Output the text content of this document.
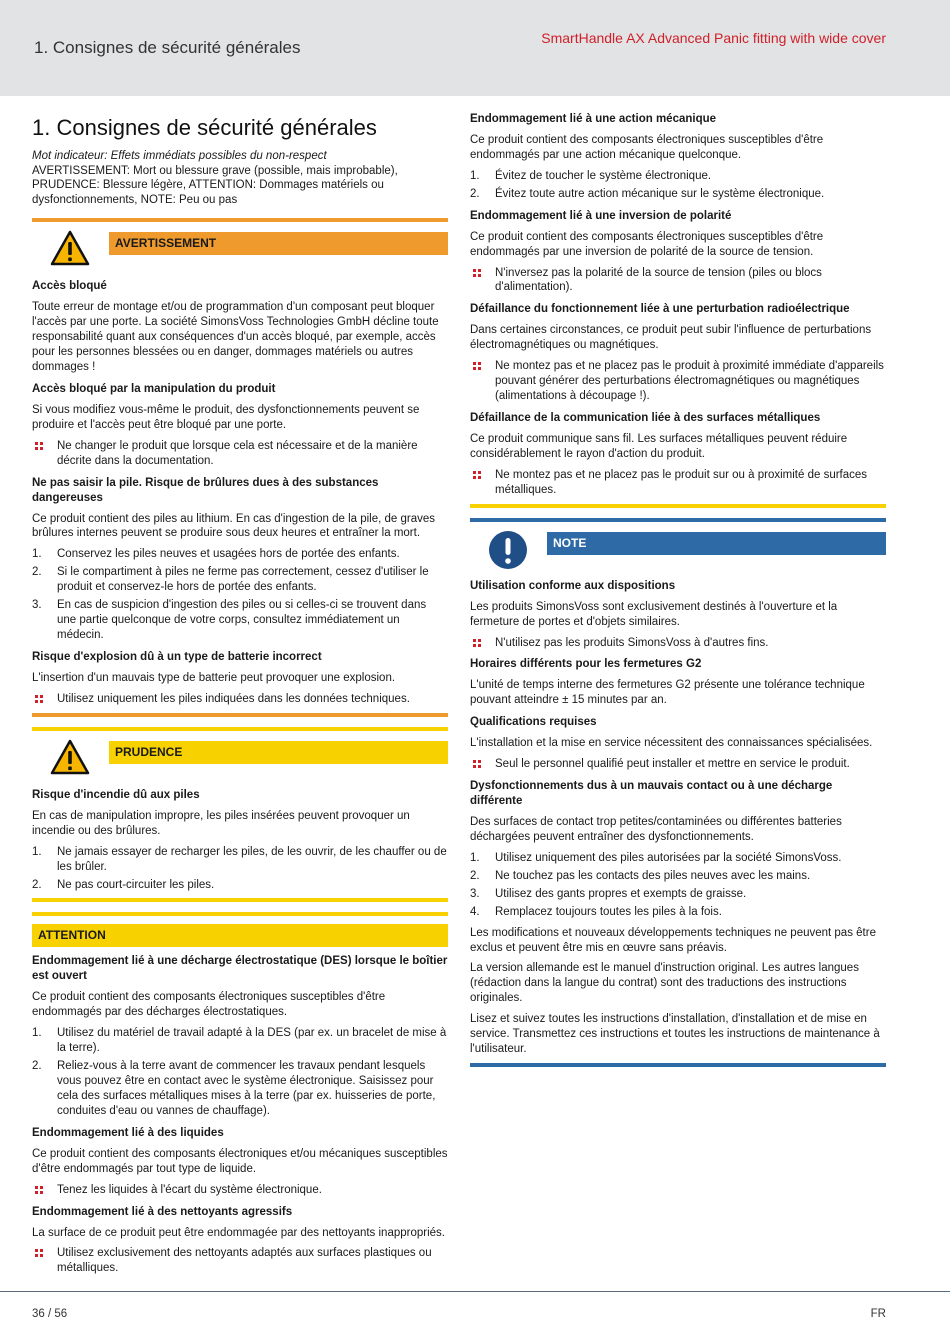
1. Consignes de sécurité générales	SmartHandle AX Advanced Panic fitting with wide cover
1. Consignes de sécurité générales
Mot indicateur: Effets immédiats possibles du non-respect

AVERTISSEMENT: Mort ou blessure grave (possible, mais improbable), PRUDENCE: Blessure légère, ATTENTION: Dommages matériels ou dysfonctionnements, NOTE: Peu ou pas

AVERTISSEMENT
Accès bloqué

Toute erreur de montage et/ou de programmation d'un composant peut bloquer l'accès par une porte. La société SimonsVoss Technologies GmbH décline toute responsabilité quant aux conséquences d'un accès bloqué, par exemple, accès pour les personnes blessées ou en danger, dommages matériels ou autres dommages !

Accès bloqué par la manipulation du produit

Si vous modifiez vous-même le produit, des dysfonctionnements peuvent se produire et l'accès peut être bloqué par une porte.

Ne changer le produit que lorsque cela est nécessaire et de la manière décrite dans la documentation.
Ne pas saisir la pile. Risque de brûlures dues à des substances dangereuses

Ce produit contient des piles au lithium. En cas d'ingestion de la pile, de graves brûlures internes peuvent se produire sous deux heures et entraîner la mort.

1. Conservez les piles neuves et usagées hors de portée des enfants.
2. Si le compartiment à piles ne ferme pas correctement, cessez d'utiliser le produit et conservez-le hors de portée des enfants.
3. En cas de suspicion d'ingestion des piles ou si celles-ci se trouvent dans une partie quelconque de votre corps, consultez immédiatement un médecin.
Risque d'explosion dû à un type de batterie incorrect

L'insertion d'un mauvais type de batterie peut provoquer une explosion.

Utilisez uniquement les piles indiquées dans les données techniques.
PRUDENCE
Risque d'incendie dû aux piles

En cas de manipulation impropre, les piles insérées peuvent provoquer un incendie ou des brûlures.

1. Ne jamais essayer de recharger les piles, de les ouvrir, de les chauffer ou de les brûler.
2. Ne pas court-circuiter les piles.
ATTENTION
Endommagement lié à une décharge électrostatique (DES) lorsque le boîtier est ouvert

Ce produit contient des composants électroniques susceptibles d'être endommagés par des décharges électrostatiques.

1. Utilisez du matériel de travail adapté à la DES (par ex. un bracelet de mise à la terre).
2. Reliez-vous à la terre avant de commencer les travaux pendant lesquels vous pouvez être en contact avec le système électronique. Saisissez pour cela des surfaces métalliques mises à la terre (par ex. huisseries de porte, conduites d'eau ou vannes de chauffage).
Endommagement lié à des liquides

Ce produit contient des composants électroniques et/ou mécaniques susceptibles d'être endommagés par tout type de liquide.

Tenez les liquides à l'écart du système électronique.
Endommagement lié à des nettoyants agressifs

La surface de ce produit peut être endommagée par des nettoyants inappropriés.

Utilisez exclusivement des nettoyants adaptés aux surfaces plastiques ou métalliques.
Endommagement lié à une action mécanique

Ce produit contient des composants électroniques susceptibles d'être endommagés par une action mécanique quelconque.

1. Évitez de toucher le système électronique.
2. Évitez toute autre action mécanique sur le système électronique.
Endommagement lié à une inversion de polarité

Ce produit contient des composants électroniques susceptibles d'être endommagés par une inversion de polarité de la source de tension.

N'inversez pas la polarité de la source de tension (piles ou blocs d'alimentation).
Défaillance du fonctionnement liée à une perturbation radioélectrique

Dans certaines circonstances, ce produit peut subir l'influence de perturbations électromagnétiques ou magnétiques.

Ne montez pas et ne placez pas le produit à proximité immédiate d'appareils pouvant générer des perturbations électromagnétiques ou magnétiques (alimentations à découpage !).
Défaillance de la communication liée à des surfaces métalliques

Ce produit communique sans fil. Les surfaces métalliques peuvent réduire considérablement le rayon d'action du produit.

Ne montez pas et ne placez pas le produit sur ou à proximité de surfaces métalliques.
NOTE
Utilisation conforme aux dispositions

Les produits SimonsVoss sont exclusivement destinés à l'ouverture et la fermeture de portes et d'objets similaires.

N'utilisez pas les produits SimonsVoss à d'autres fins.
Horaires différents pour les fermetures G2

L'unité de temps interne des fermetures G2 présente une tolérance technique pouvant atteindre ± 15 minutes par an.

Qualifications requises

L'installation et la mise en service nécessitent des connaissances spécialisées.

Seul le personnel qualifié peut installer et mettre en service le produit.
Dysfonctionnements dus à un mauvais contact ou à une décharge différente

Des surfaces de contact trop petites/contaminées ou différentes batteries déchargées peuvent entraîner des dysfonctionnements.

1. Utilisez uniquement des piles autorisées par la société SimonsVoss.
2. Ne touchez pas les contacts des piles neuves avec les mains.
3. Utilisez des gants propres et exempts de graisse.
4. Remplacez toujours toutes les piles à la fois.

Les modifications et nouveaux développements techniques ne peuvent pas être exclus et peuvent être mis en œuvre sans préavis.

La version allemande est le manuel d'instruction original. Les autres langues (rédaction dans la langue du contrat) sont des traductions des instructions originales.

Lisez et suivez toutes les instructions d'installation, d'installation et de mise en service. Transmettez ces instructions et toutes les instructions de maintenance à l'utilisateur.

36 / 56	FR
